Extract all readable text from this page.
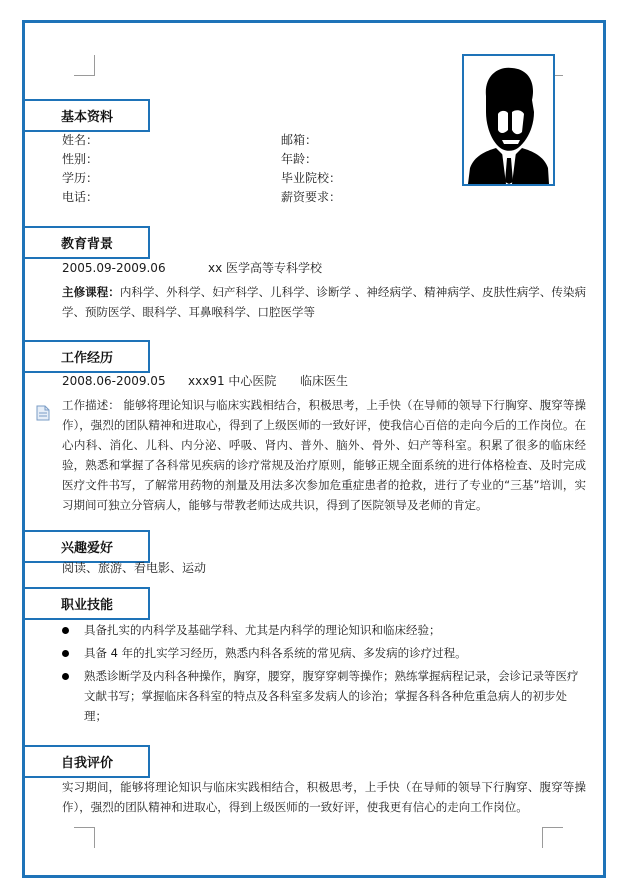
基本资料
姓名：
性别：
学历：
电话：
邮箱：
年龄：
毕业院校：
薪资要求：
教育背景
2005.09-2009.06	xx 医学高等专科学校
主修课程：内科学、外科学、妇产科学、儿科学、诊断学 、神经病学、精神病学、皮肤性病学、传染病学、预防医学、眼科学、耳鼻喉科学、口腔医学等
工作经历
2008.06-2009.05 xxx91 中心医院 临床医生
工作描述： 能够将理论知识与临床实践相结合，积极思考，上手快（在导师的领导下行胸穿、腹穿等操作），强烈的团队精神和进取心，得到了上级医师的一致好评，使我信心百倍的走向今后的工作岗位。在心内科、消化、儿科、内分泌、呼吸、肾内、普外、脑外、骨外、妇产等科室。积累了很多的临床经验，熟悉和掌握了各科常见疾病的诊疗常规及治疗原则，能够正规全面系统的进行体格检查、及时完成医疗文件书写，了解常用药物的剂量及用法多次参加危重症患者的抢救，进行了专业的“三基”培训，实习期间可独立分管病人，能够与带教老师达成共识，得到了医院领导及老师的肯定。
兴趣爱好
阅读、旅游、看电影、运动
职业技能
具备扎实的内科学及基础学科、尤其是内科学的理论知识和临床经验；
具备 4 年的扎实学习经历，熟悉内科各系统的常见病、多发病的诊疗过程。
熟悉诊断学及内科各种操作，胸穿，腰穿，腹穿穿刺等操作；熟练掌握病程记录，会诊记录等医疗文献书写；掌握临床各科室的特点及各科室多发病人的诊治；掌握各科各种危重急病人的初步处理；
自我评价
实习期间，能够将理论知识与临床实践相结合，积极思考，上手快（在导师的领导下行胸穿、腹穿等操作），强烈的团队精神和进取心，得到上级医师的一致好评，使我更有信心的走向工作岗位。
